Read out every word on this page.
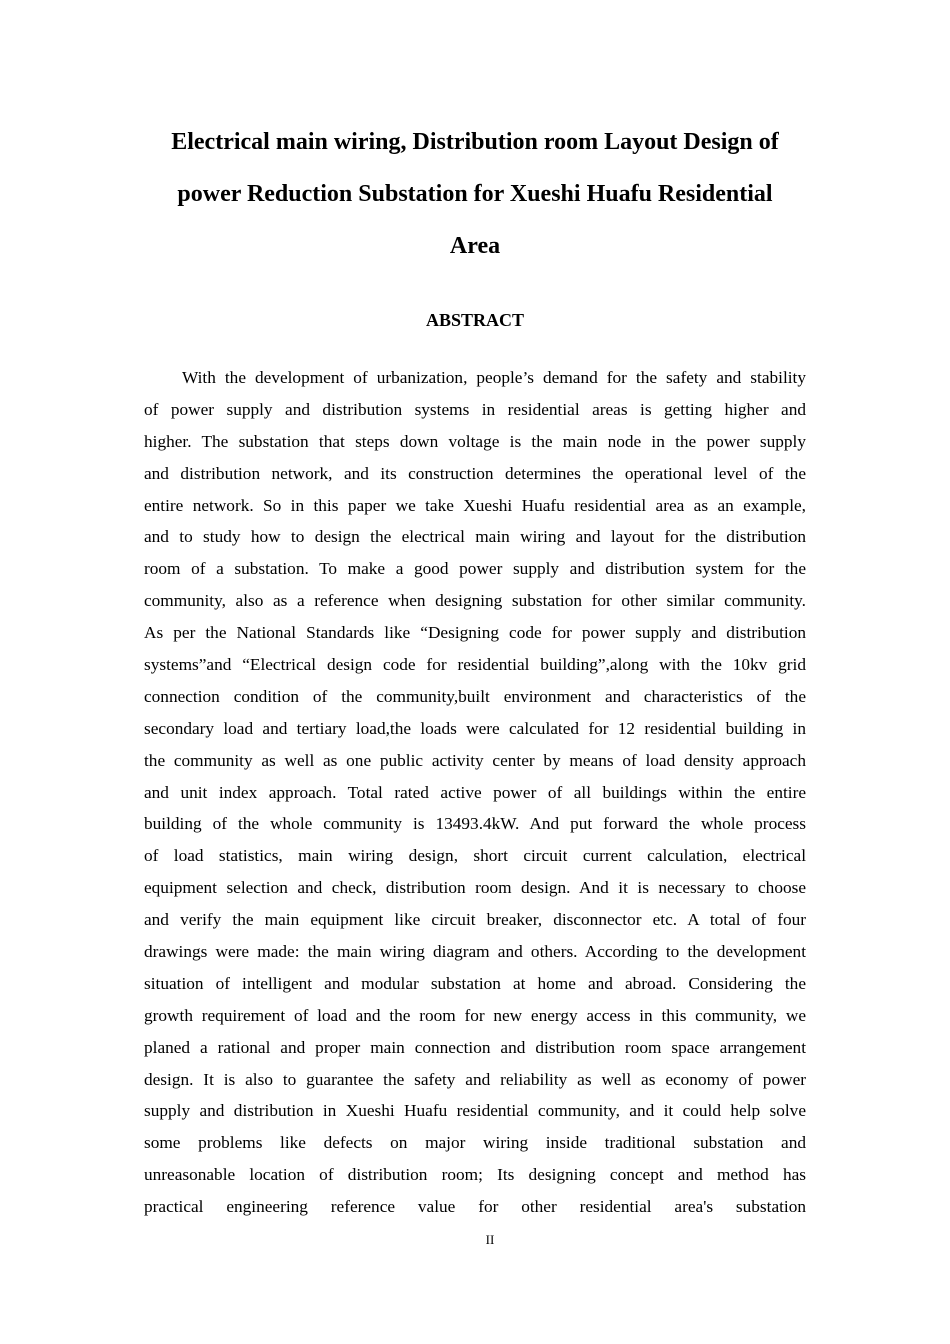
Electrical main wiring, Distribution room Layout Design of
power Reduction Substation for Xueshi Huafu Residential
Area
ABSTRACT
With the development of urbanization, people’s demand for the safety and stability
of power supply and distribution systems in residential areas is getting higher and
higher. The substation that steps down voltage is the main node in the power supply
and distribution network, and its construction determines the operational level of the
entire network. So in this paper we take Xueshi Huafu residential area as an example,
and to study how to design the electrical main wiring and layout for the distribution
room of a substation. To make a good power supply and distribution system for the
community, also as a reference when designing substation for other similar community.
As per the National Standards like “Designing code for power supply and distribution
systems”and “Electrical design code for residential building”,along with the 10kv grid
connection condition of the community,built environment and characteristics of the
secondary load and tertiary load,the loads were calculated for 12 residential building in
the community as well as one public activity center by means of load density approach
and unit index approach. Total rated active power of all buildings within the entire
building of the whole community is 13493.4kW. And put forward the whole process
of load statistics, main wiring design, short circuit current calculation, electrical
equipment selection and check, distribution room design. And it is necessary to choose
and verify the main equipment like circuit breaker, disconnector etc. A total of four
drawings were made: the main wiring diagram and others. According to the development
situation of intelligent and modular substation at home and abroad. Considering the
growth requirement of load and the room for new energy access in this community, we
planed a rational and proper main connection and distribution room space arrangement
design. It is also to guarantee the safety and reliability as well as economy of power
supply and distribution in Xueshi Huafu residential community, and it could help solve
some problems like defects on major wiring inside traditional substation and
unreasonable location of distribution room; Its designing concept and method has
practical engineering reference value for other residential area's substation
II
